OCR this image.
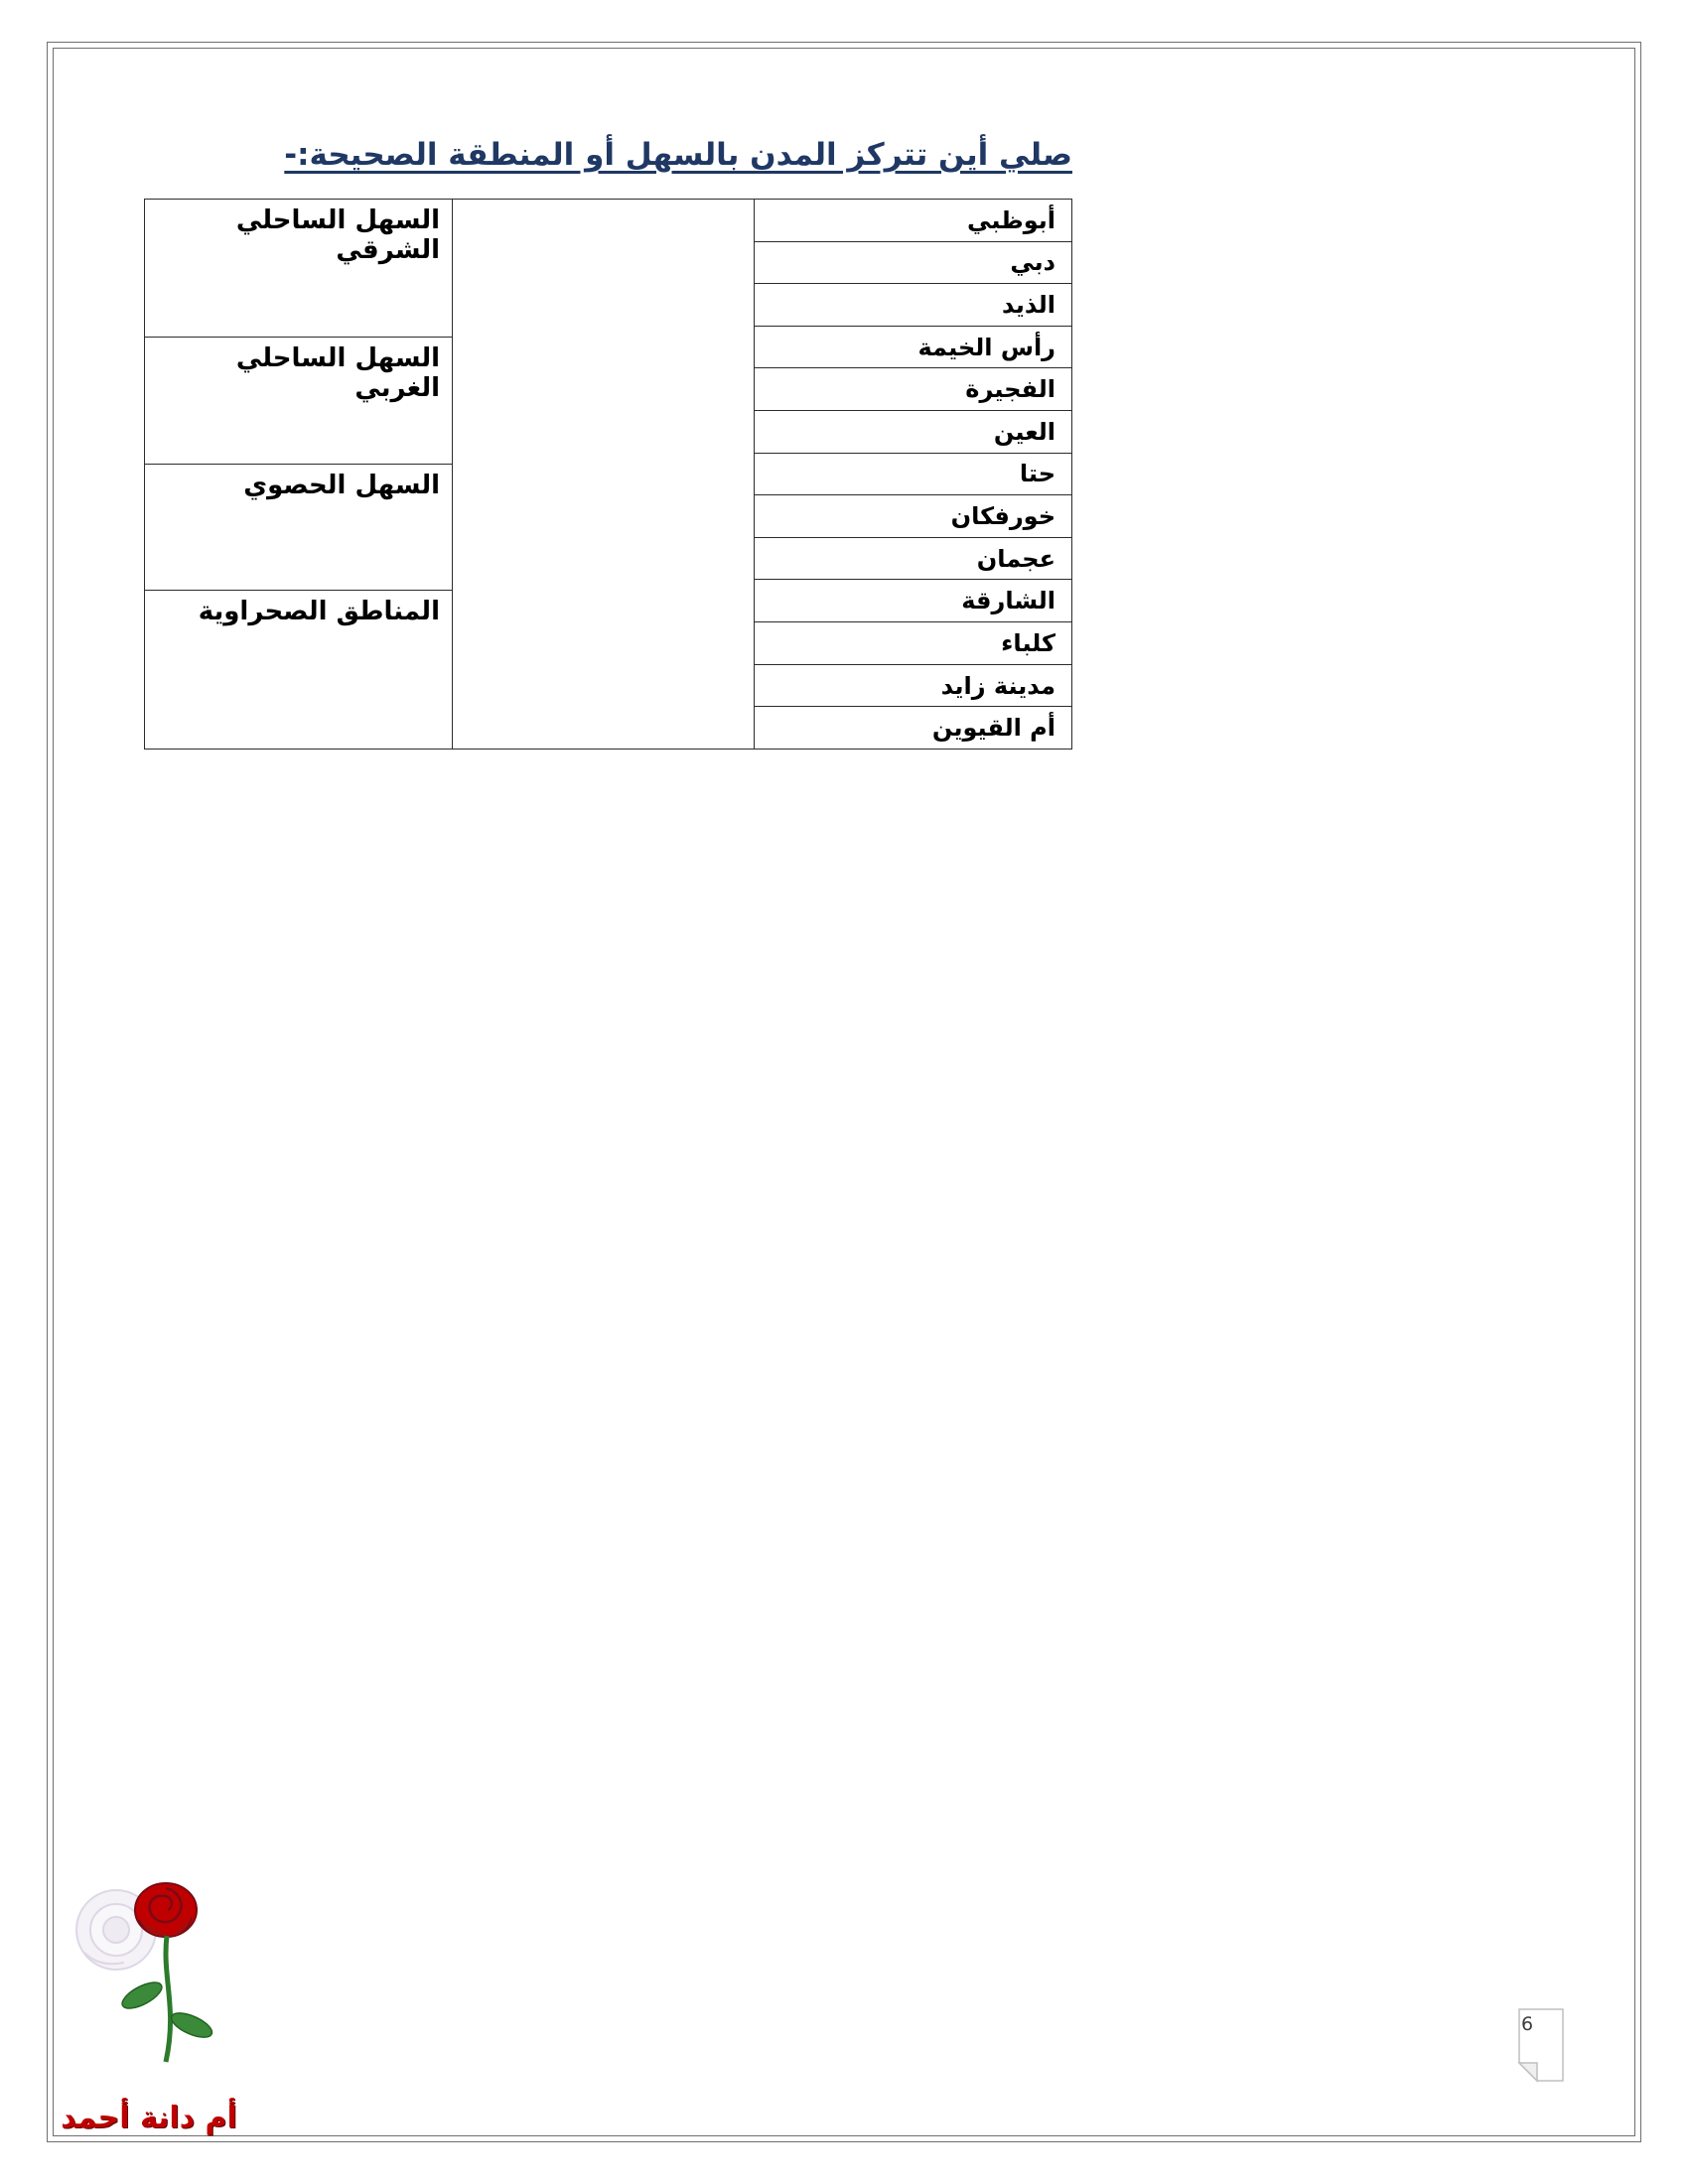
صلي أين تتركز المدن بالسهل أو المنطقة الصحيحة:-
السهل الساحلي الشرقي
السهل الساحلي الغربي
السهل الحصوي
المناطق الصحراوية
أبوظبي
دبي
الذيد
رأس الخيمة
الفجيرة
العين
حتا
خورفكان
عجمان
الشارقة
كلباء
مدينة زايد
أم القيوين
أم دانة أحمد
6
